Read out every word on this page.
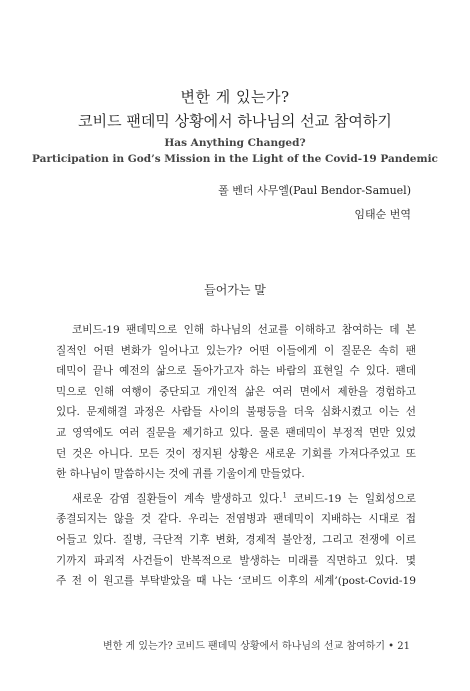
변한 게 있는가?
코비드 팬데믹 상황에서 하나님의 선교 참여하기
Has Anything Changed?
Participation in God’s Mission in the Light of the Covid-19 Pandemic
폴 벤더 사무엘(Paul Bendor-Samuel)
임태순 번역
들어가는 말
코비드-19 팬데믹으로 인해 하나님의 선교를 이해하고 참여하는 데 본
질적인 어떤 변화가 일어나고 있는가? 어떤 이들에게 이 질문은 속히 팬
데믹이 끝나 예전의 삶으로 돌아가고자 하는 바람의 표현일 수 있다. 팬데
믹으로 인해 여행이 중단되고 개인적 삶은 여러 면에서 제한을 경험하고
있다. 문제해결 과정은 사람들 사이의 불평등을 더욱 심화시켰고 이는 선
교 영역에도 여러 질문을 제기하고 있다. 물론 팬데믹이 부정적 면만 있었
던 것은 아니다. 모든 것이 정지된 상황은 새로운 기회를 가져다주었고 또
한 하나님이 말씀하시는 것에 귀를 기울이게 만들었다.
새로운 감염 질환들이 계속 발생하고 있다.$^1$ 코비드-19 는 일회성으로
종결되지는 않을 것 같다. 우리는 전염병과 팬데믹이 지배하는 시대로 접
어들고 있다. 질병, 극단적 기후 변화, 경제적 불안정, 그리고 전쟁에 이르
기까지 파괴적 사건들이 반복적으로 발생하는 미래를 직면하고 있다. 몇
주 전 이 원고를 부탁받았을 때 나는 ‘코비드 이후의 세계’(post-Covid-19
변한 게 있는가? 코비드 팬데믹 상황에서 하나님의 선교 참여하기 • 21
